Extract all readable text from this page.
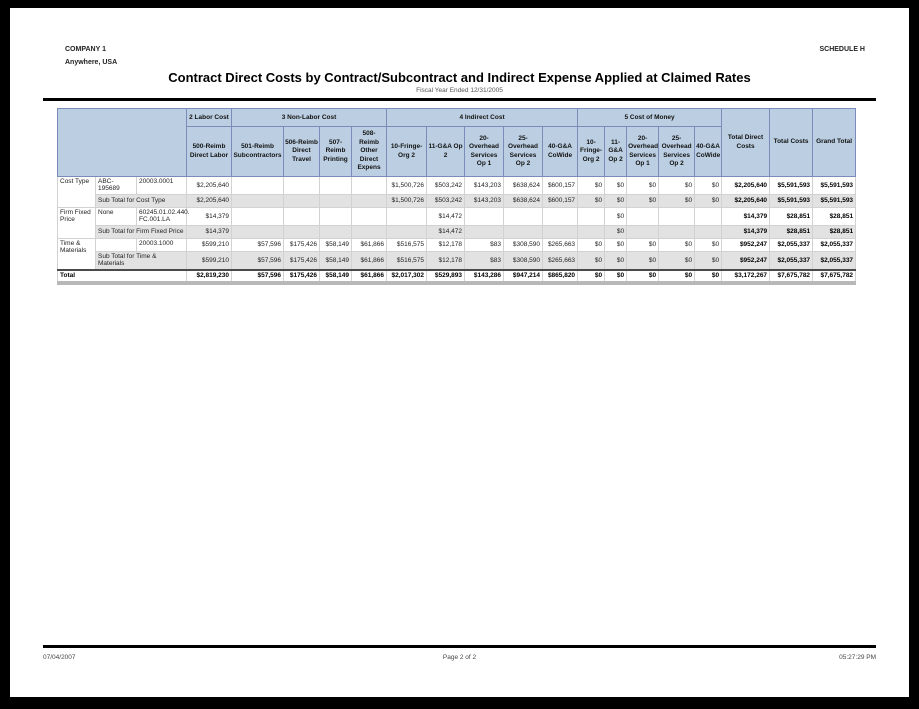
COMPANY 1
Anywhere, USA
SCHEDULE H
Contract Direct Costs by Contract/Subcontract and Indirect Expense Applied at Claimed Rates
Fiscal Year Ended 12/31/2005
			2 Labor Cost	3 Non-Labor Cost				4 Indirect Cost					5 Cost of Money					Total Direct Costs	Total Costs	Grand Total
			500-Reimb Direct Labor	501-Reimb Subcontractors	506-Reimb Direct Travel	507-Reimb Printing	508-Reimb Other Direct Expens	10-Fringe-Org 2	11-G&A Op 2	20-Overhead Services Op 1	25-Overhead Services Op 2	40-G&A CoWide	10-Fringe-Org 2	11-G&A Op 2	20-Overhead Services Op 1	25-Overhead Services Op 2	40-G&A CoWide			
Cost Type	ABC-195689	20003.0001	$2,205,640					$1,500,726	$503,242	$143,203	$638,624	$600,157	$0	$0	$0	$0	$0	$2,205,640	$5,591,593	$5,591,593
	Sub Total for Cost Type		$2,205,640					$1,500,726	$503,242	$143,203	$638,624	$600,157	$0	$0	$0	$0	$0	$2,205,640	$5,591,593	$5,591,593
Firm Fixed Price	None	60245.01.02.440. FC.001.LA	$14,379						$14,472					$0				$14,379	$28,851	$28,851
	Sub Total for Firm Fixed Price		$14,379						$14,472					$0				$14,379	$28,851	$28,851
Time & Materials		20003.1000	$599,210	$57,596	$175,426	$58,149	$61,866	$516,575	$12,178	$83	$308,590	$265,663	$0	$0	$0	$0	$0	$952,247	$2,055,337	$2,055,337
	Sub Total for Time & Materials		$599,210	$57,596	$175,426	$58,149	$61,866	$516,575	$12,178	$83	$308,590	$265,663	$0	$0	$0	$0	$0	$952,247	$2,055,337	$2,055,337
Total			$2,819,230	$57,596	$175,426	$58,149	$61,866	$2,017,302	$529,893	$143,286	$947,214	$865,820	$0	$0	$0	$0	$0	$3,172,267	$7,675,782	$7,675,782
07/04/2007	Page 2 of 2	05:27:29 PM
